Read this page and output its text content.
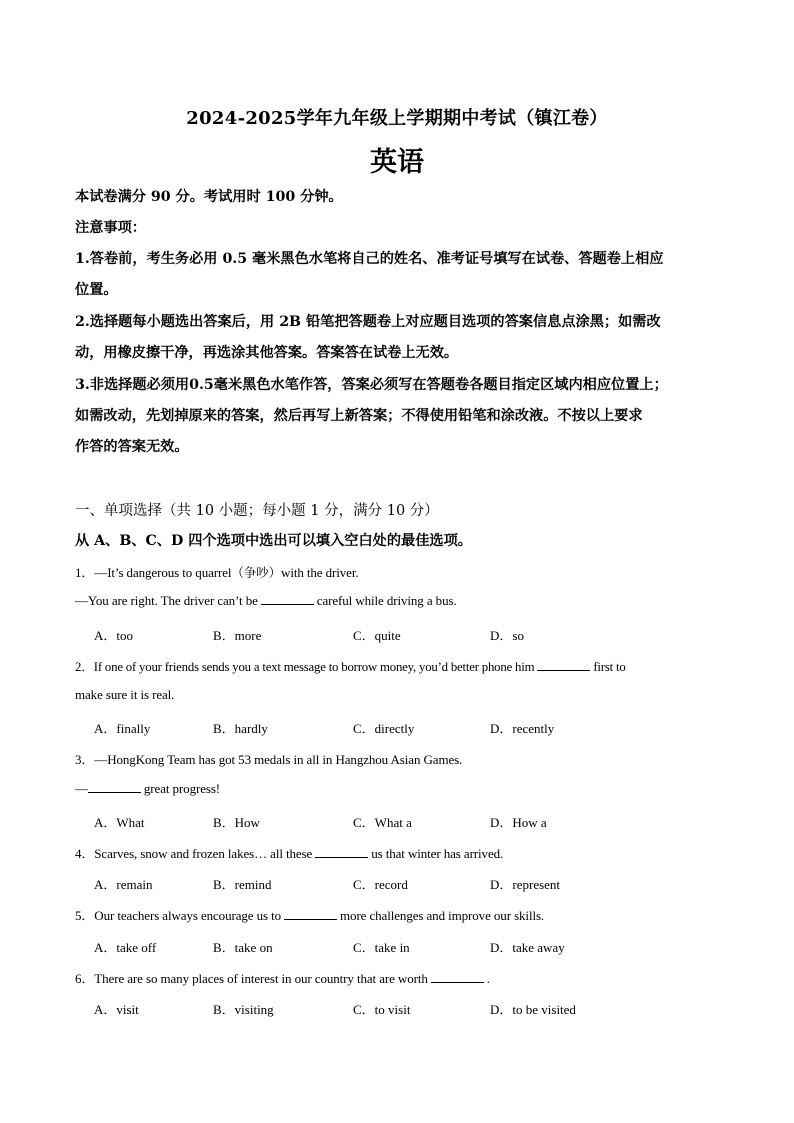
2024-2025学年九年级上学期期中考试（镇江卷）
英语
本试卷满分 90 分。考试用时 100 分钟。
注意事项：
1.答卷前，考生务必用 0.5 毫米黑色水笔将自己的姓名、准考证号填写在试卷、答题卷上相应
位置。
2.选择题每小题选出答案后，用 2B 铅笔把答题卷上对应题目选项的答案信息点涂黑；如需改
动，用橡皮擦干净，再选涂其他答案。答案答在试卷上无效。
3.非选择题必须用0.5毫米黑色水笔作答，答案必须写在答题卷各题目指定区域内相应位置上；
如需改动，先划掉原来的答案，然后再写上新答案；不得使用铅笔和涂改液。不按以上要求
作答的答案无效。
一、单项选择（共 10 小题；每小题 1 分，满分 10 分）
从 A、B、C、D 四个选项中选出可以填入空白处的最佳选项。
1．—It’s dangerous to quarrel（争吵）with the driver.
—You are right. The driver can’t be	careful while driving a bus.
A．too	B．more	C．quite	D．so
2．If one of your friends sends you a text message to borrow money, you’d better phone him	first to
make sure it is real.
A．finally	B．hardly	C．directly	D．recently
3．—HongKong Team has got 53 medals in all in Hangzhou Asian Games.
—	great progress!
A．What	B．How	C．What a	D．How a
4．Scarves, snow and frozen lakes… all these	us that winter has arrived.
A．remain	B．remind	C．record	D．represent
5．Our teachers always encourage us to	more challenges and improve our skills.
A．take off	B．take on	C．take in	D．take away
6．There are so many places of interest in our country that are worth	.
A．visit	B．visiting	C．to visit	D．to be visited
